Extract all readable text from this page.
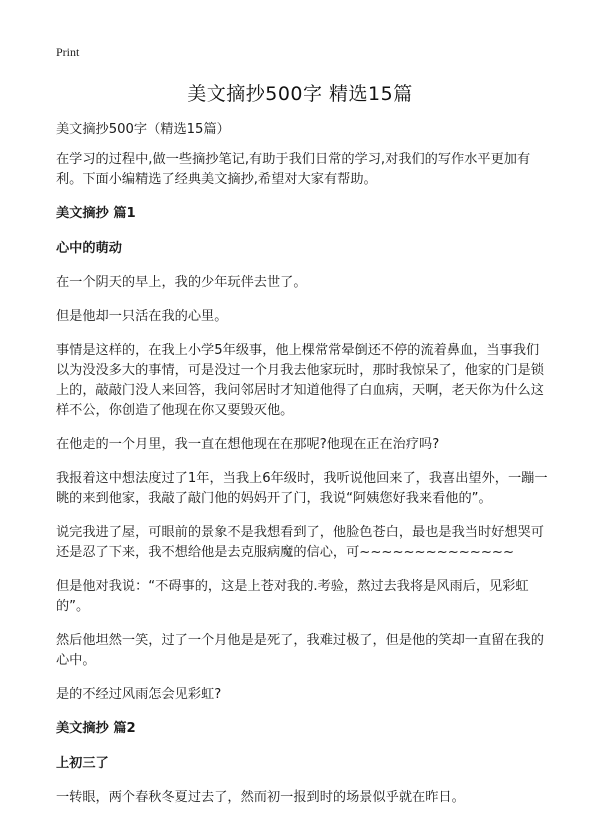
Print
美文摘抄500字 精选15篇

美文摘抄500字（精选15篇）

在学习的过程中,做一些摘抄笔记,有助于我们日常的学习,对我们的写作水平更加有利。下面小编精选了经典美文摘抄,希望对大家有帮助。

美文摘抄 篇1

心中的萌动

在一个阴天的早上，我的少年玩伴去世了。

但是他却一只活在我的心里。

事情是这样的，在我上小学5年级事，他上棵常常晕倒还不停的流着鼻血，当事我们以为没没多大的事情，可是没过一个月我去他家玩时，那时我惊呆了，他家的门是锁上的，敲敲门没人来回答，我问邻居时才知道他得了白血病，天啊，老天你为什么这样不公，你创造了他现在你又要毁灭他。

在他走的一个月里，我一直在想他现在在那呢?他现在正在治疗吗?

我报着这中想法度过了1年，当我上6年级时，我听说他回来了，我喜出望外，一蹦一眺的来到他家，我敲了敲门他的妈妈开了门，我说“阿姨您好我来看他的”。

说完我进了屋，可眼前的景象不是我想看到了，他脸色苍白，最也是我当时好想哭可还是忍了下来，我不想给他是去克服病魔的信心，可~~~~~~~~~~~~~~

但是他对我说：“不碍事的，这是上苍对我的.考验，熬过去我将是风雨后，见彩虹的”。

然后他坦然一笑，过了一个月他是是死了，我难过极了，但是他的笑却一直留在我的心中。

是的不经过风雨怎会见彩虹?

美文摘抄 篇2

上初三了

一转眼，两个春秋冬夏过去了，然而初一报到时的场景似乎就在昨日。
